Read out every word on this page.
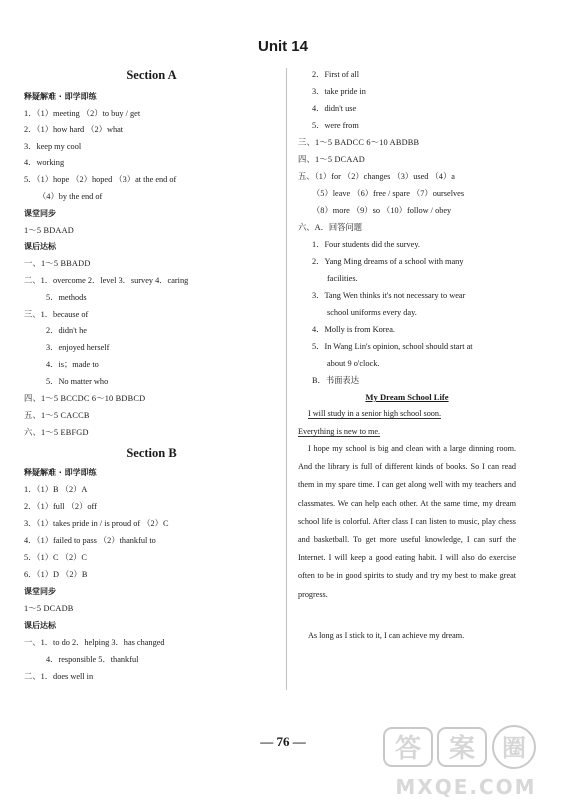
Unit 14
Section A
释疑解难 · 即学即练
1．（1）meeting （2）to buy / get
2．（1）how hard （2）what
3．keep my cool
4．working
5．（1）hope （2）hoped （3）at the end of
（4）by the end of
课堂同步
1～5 BDAAD
课后达标
一、1～5 BBADD
二、1．overcome 2．level 3．survey 4．caring
5．methods
三、1．because of
2．didn't he
3．enjoyed herself
4．is；made to
5．No matter who
四、1～5 BCCDC 6～10 BDBCD
五、1～5 CACCB
六、1～5 EBFGD
Section B
释疑解难 · 即学即练
1．（1）B （2）A
2．（1）full （2）off
3．（1）takes pride in / is proud of （2）C
4．（1）failed to pass （2）thankful to
5．（1）C （2）C
6．（1）D （2）B
课堂同步
1～5 DCADB
课后达标
一、1．to do 2．helping 3．has changed
4．responsible 5．thankful
二、1．does well in
2．First of all
3．take pride in
4．didn't use
5．were from
三、1～5 BADCC 6～10 ABDBB
四、1～5 DCAAD
五、（1）for （2）changes （3）used （4）a
（5）leave （6）free / spare （7）ourselves
（8）more （9）so （10）follow / obey
六、A．回答问题
1．Four students did the survey.
2．Yang Ming dreams of a school with many
facilities.
3．Tang Wen thinks it's not necessary to wear
school uniforms every day.
4．Molly is from Korea.
5．In Wang Lin's opinion, school should start at
about 9 o'clock.
B．书面表达
My Dream School Life
I will study in a senior high school soon.
Everything is new to me.
I hope my school is big and clean with a large dinning room. And the library is full of different kinds of books. So I can read them in my spare time. I can get along well with my teachers and classmates. We can help each other. At the same time, my dream school life is colorful. After class I can listen to music, play chess and basketball. To get more useful knowledge, I can surf the Internet. I will keep a good eating habit. I will also do exercise often to be in good spirits to study and try my best to make great progress.
As long as I stick to it, I can achieve my dream.
— 76 —	答 案 圈
MXQE.COM
